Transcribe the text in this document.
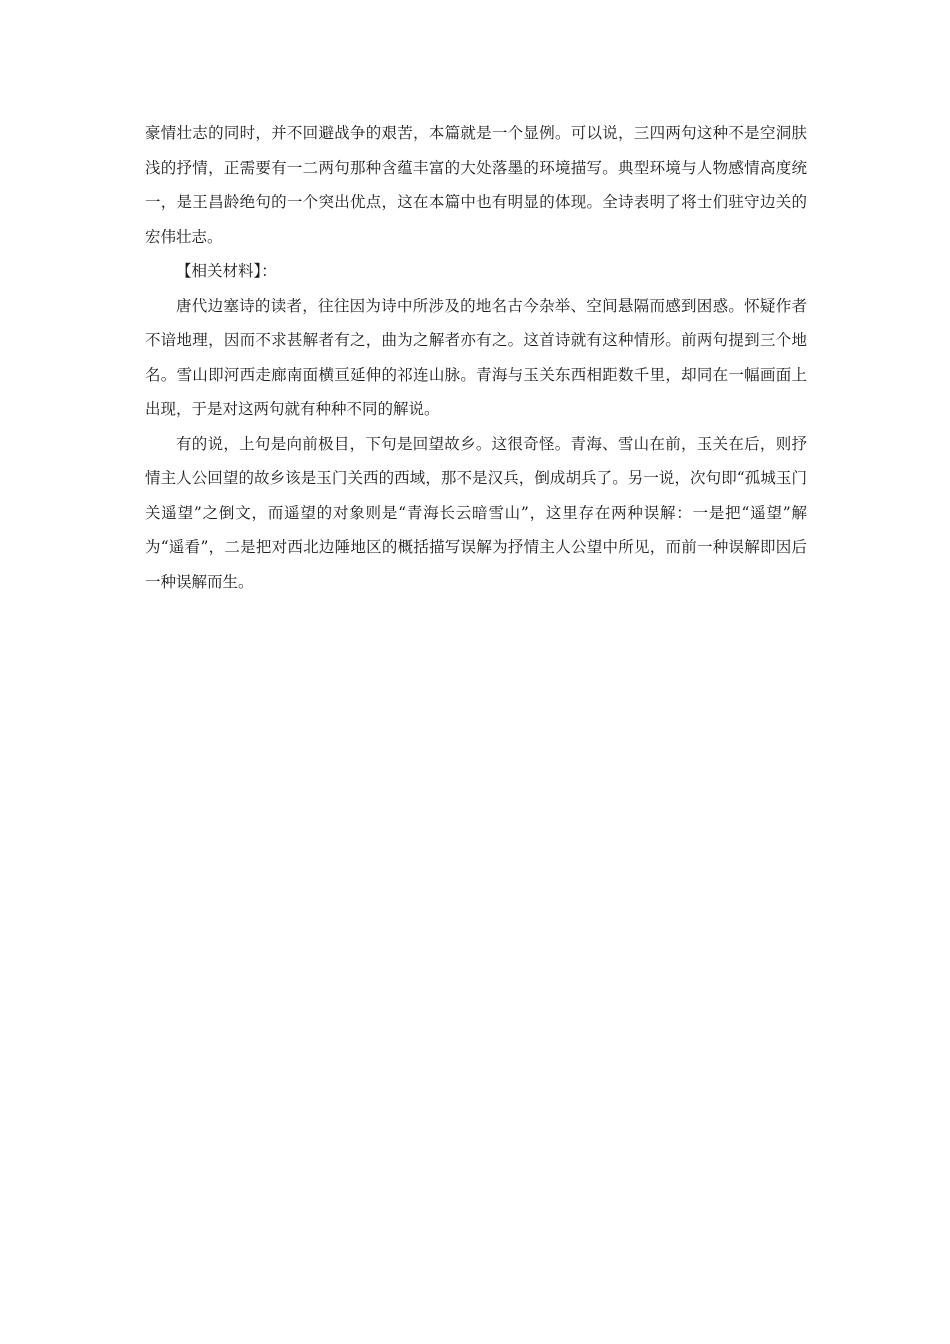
豪情壮志的同时，并不回避战争的艰苦，本篇就是一个显例。可以说，三四两句这种不是空洞肤浅的抒情，正需要有一二两句那种含蕴丰富的大处落墨的环境描写。典型环境与人物感情高度统一，是王昌龄绝句的一个突出优点，这在本篇中也有明显的体现。全诗表明了将士们驻守边关的宏伟壮志。

【相关材料】：

唐代边塞诗的读者，往往因为诗中所涉及的地名古今杂举、空间悬隔而感到困惑。怀疑作者不谙地理，因而不求甚解者有之，曲为之解者亦有之。这首诗就有这种情形。前两句提到三个地名。雪山即河西走廊南面横亘延伸的祁连山脉。青海与玉关东西相距数千里，却同在一幅画面上出现，于是对这两句就有种种不同的解说。

有的说，上句是向前极目，下句是回望故乡。这很奇怪。青海、雪山在前，玉关在后，则抒情主人公回望的故乡该是玉门关西的西域，那不是汉兵，倒成胡兵了。另一说，次句即“孤城玉门关遥望”之倒文，而遥望的对象则是“青海长云暗雪山”，这里存在两种误解：一是把“遥望”解为“遥看”，二是把对西北边陲地区的概括描写误解为抒情主人公望中所见，而前一种误解即因后一种误解而生。
